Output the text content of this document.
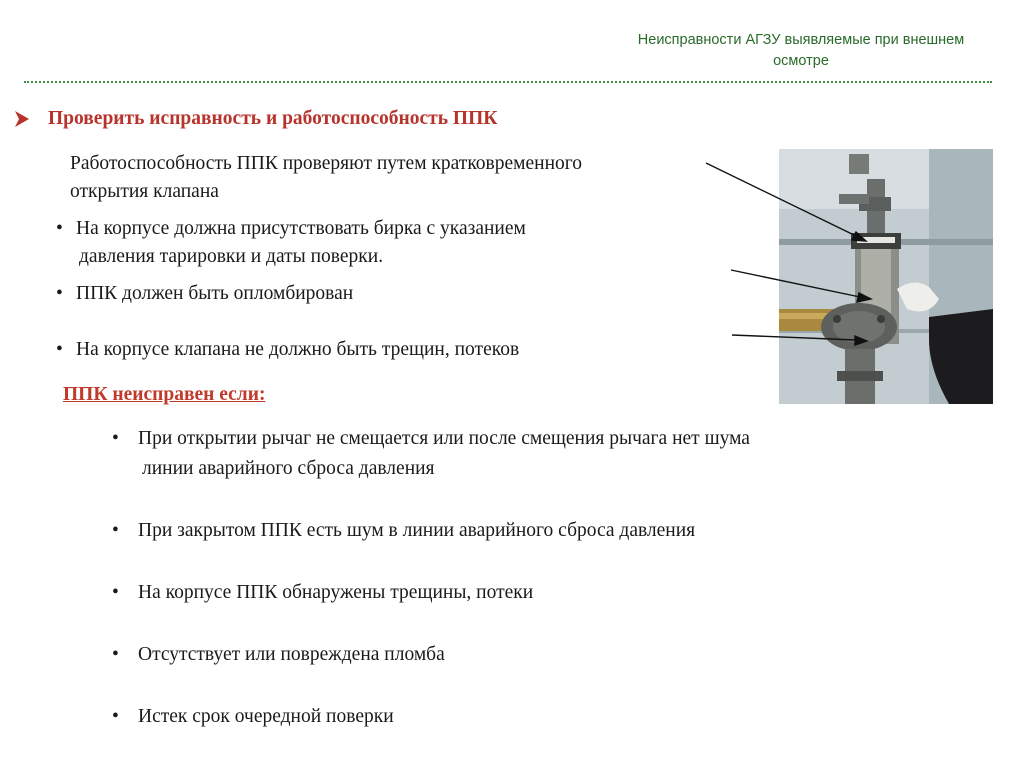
Неисправности АГЗУ выявляемые при внешнем
осмотре
Проверить исправность и работоспособность ППК
Работоспособность ППК проверяют путем кратковременного
открытия клапана
• На корпусе должна присутствовать бирка с указанием
давления тарировки и даты поверки.
• ППК должен быть опломбирован
• На корпусе клапана не должно быть трещин, потеков
ППК неисправен если:
• При открытии рычаг не смещается или после смещения рычага нет шума
линии аварийного сброса давления
• При закрытом ППК есть шум в линии аварийного сброса давления
• На корпусе ППК обнаружены трещины, потеки
• Отсутствует или повреждена пломба
• Истек срок очередной поверки
